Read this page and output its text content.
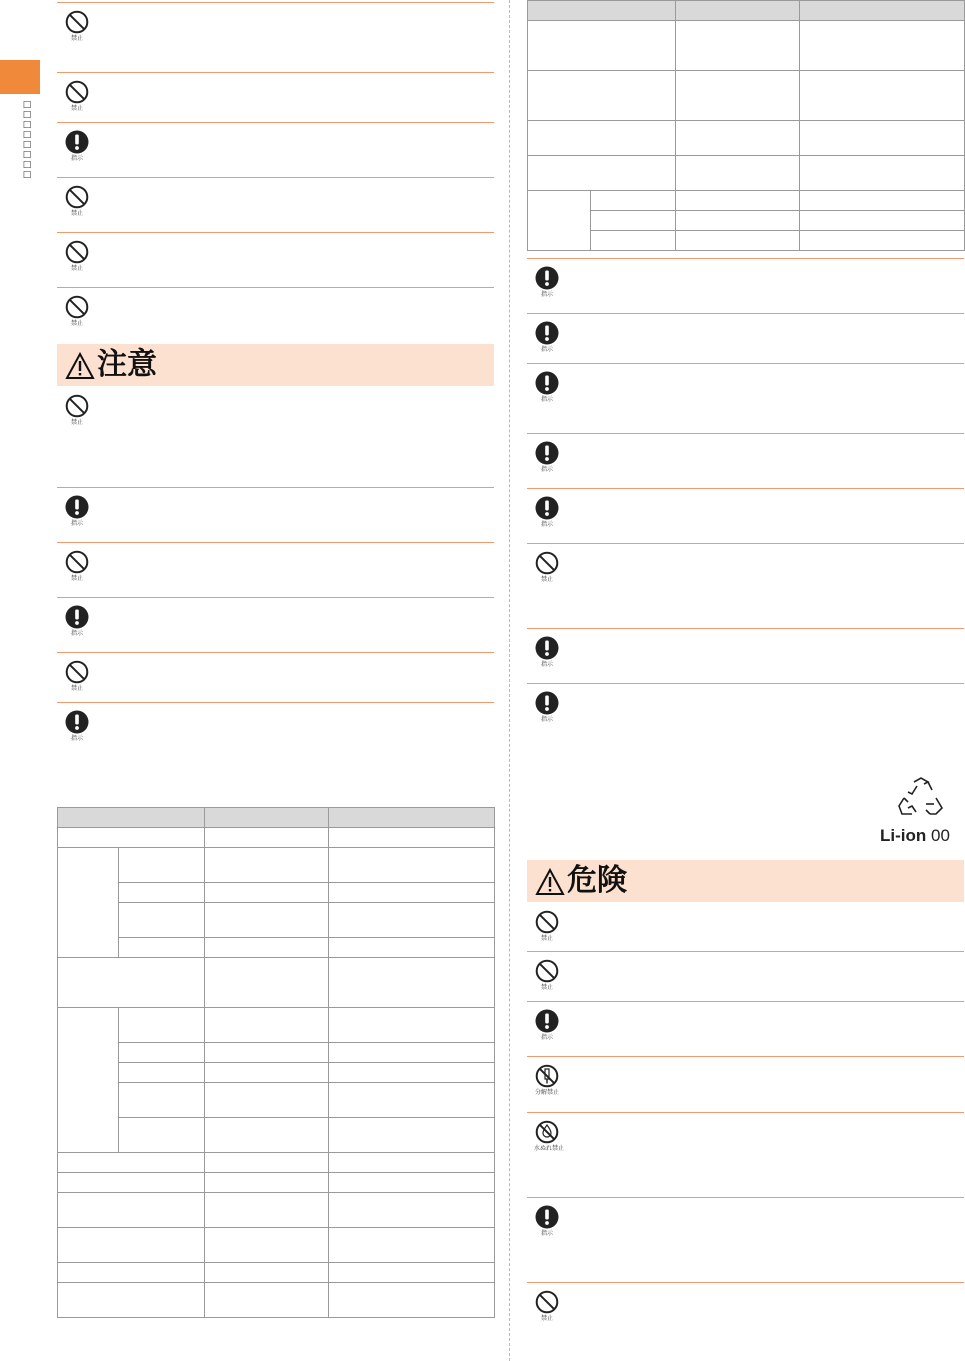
□□□□□□□□
禁止
禁止
指示
禁止
禁止
禁止
注意
禁止
指示
禁止
指示
禁止
指示

指示
指示
指示
指示
指示
禁止
指示
指示
Li-ion 00
危険
禁止
禁止
指示
分解禁止
水ぬれ禁止
指示
禁止
